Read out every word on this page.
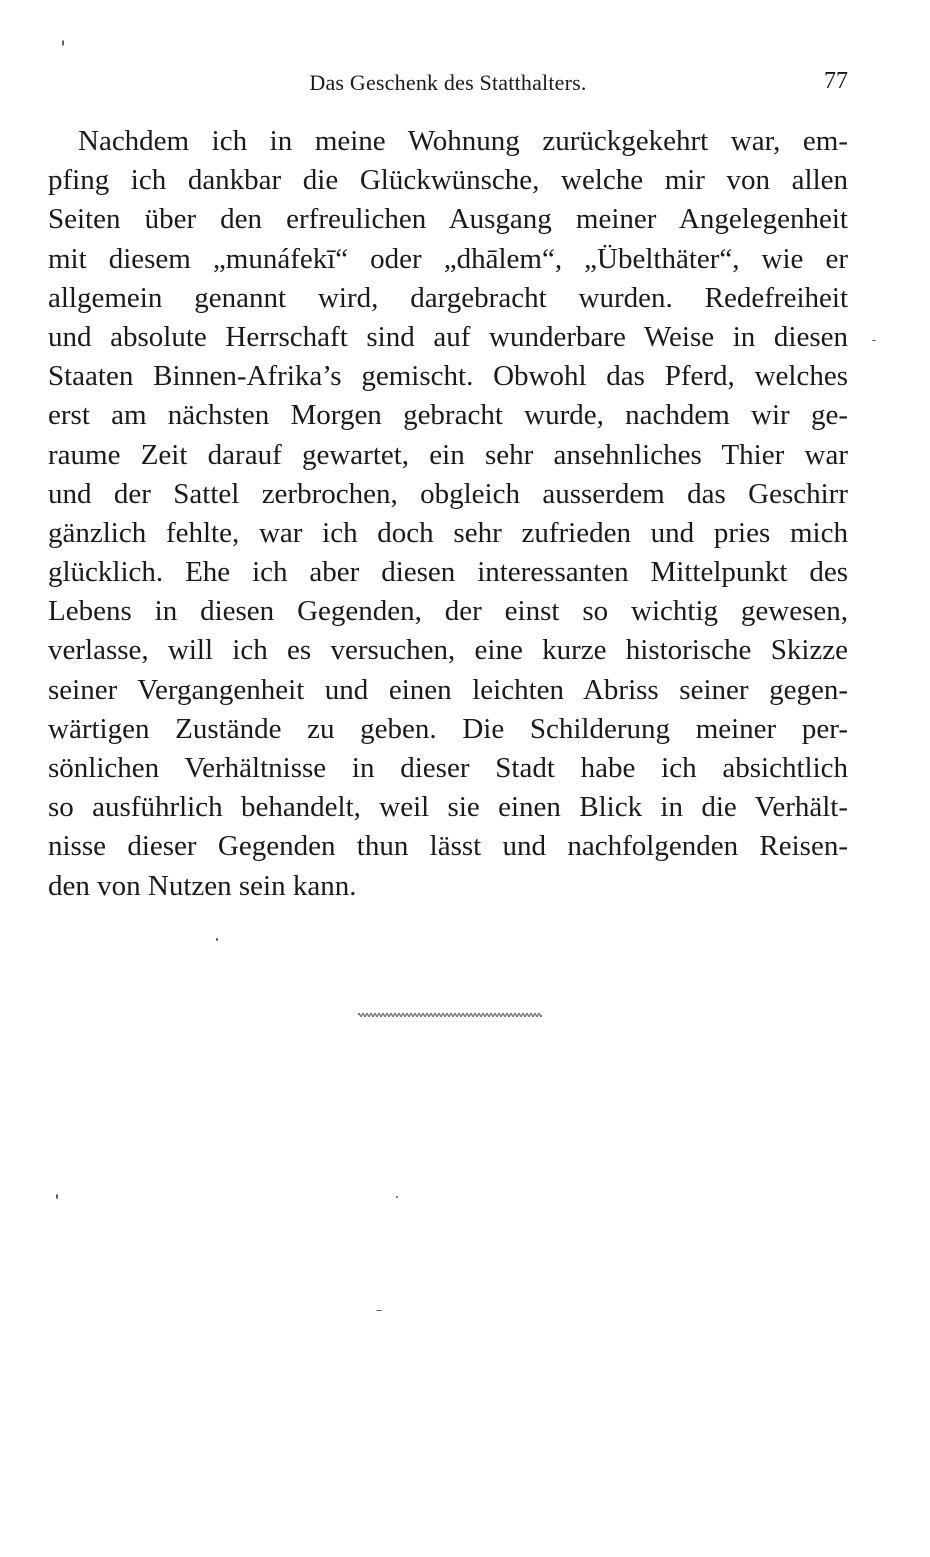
Das Geschenk des Statthalters.	77
Nachdem ich in meine Wohnung zurückgekehrt war, em-
pfing ich dankbar die Glückwünsche, welche mir von allen
Seiten über den erfreulichen Ausgang meiner Angelegenheit
mit diesem „munáfekī“ oder „dhālem“, „Übelthäter“, wie er
allgemein genannt wird, dargebracht wurden. Redefreiheit
und absolute Herrschaft sind auf wunderbare Weise in diesen
Staaten Binnen-Afrika’s gemischt. Obwohl das Pferd, welches
erst am nächsten Morgen gebracht wurde, nachdem wir ge-
raume Zeit darauf gewartet, ein sehr ansehnliches Thier war
und der Sattel zerbrochen, obgleich ausserdem das Geschirr
gänzlich fehlte, war ich doch sehr zufrieden und pries mich
glücklich. Ehe ich aber diesen interessanten Mittelpunkt des
Lebens in diesen Gegenden, der einst so wichtig gewesen,
verlasse, will ich es versuchen, eine kurze historische Skizze
seiner Vergangenheit und einen leichten Abriss seiner gegen-
wärtigen Zustände zu geben. Die Schilderung meiner per-
sönlichen Verhältnisse in dieser Stadt habe ich absichtlich
so ausführlich behandelt, weil sie einen Blick in die Verhält-
nisse dieser Gegenden thun lässt und nachfolgenden Reisen-
den von Nutzen sein kann.
